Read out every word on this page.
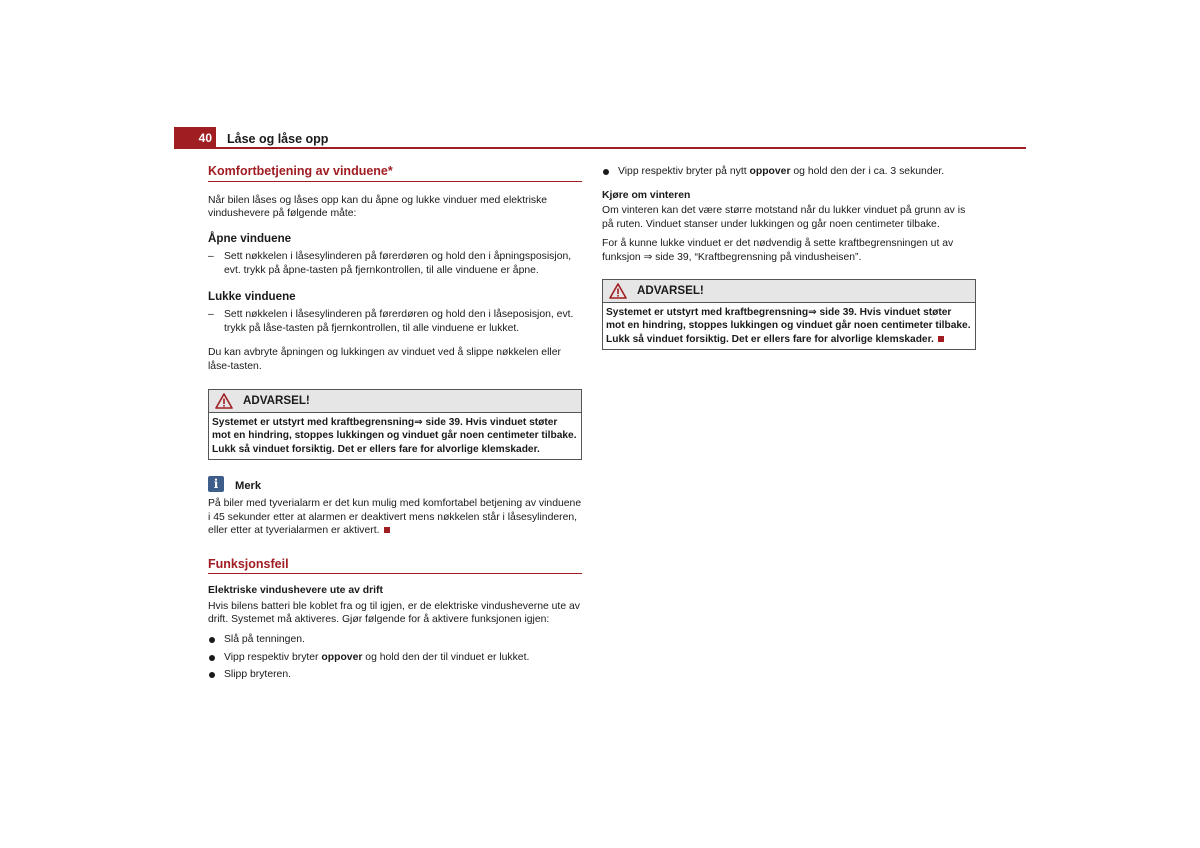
40	Låse og låse opp
Komfortbetjening av vinduene*

Når bilen låses og låses opp kan du åpne og lukke vinduer med elektriske vindushevere på følgende måte:

Åpne vinduene
– Sett nøkkelen i låsesylinderen på førerdøren og hold den i åpningsposisjon, evt. trykk på åpne-tasten på fjernkontrollen, til alle vinduene er åpne.
Lukke vinduene
– Sett nøkkelen i låsesylinderen på førerdøren og hold den i låseposisjon, evt. trykk på låse-tasten på fjernkontrollen, til alle vinduene er lukket.

Du kan avbryte åpningen og lukkingen av vinduet ved å slippe nøkkelen eller låse-tasten.

ADVARSEL!
Systemet er utstyrt med kraftbegrensning⇒ side 39. Hvis vinduet støter mot en hindring, stoppes lukkingen og vinduet går noen centimeter tilbake. Lukk så vinduet forsiktig. Det er ellers fare for alvorlige klemskader.
i	Merk

På biler med tyverialarm er det kun mulig med komfortabel betjening av vinduene i 45 sekunder etter at alarmen er deaktivert mens nøkkelen står i låsesylinderen, eller etter at tyverialarmen er aktivert.

Funksjonsfeil
Elektriske vindushevere ute av drift

Hvis bilens batteri ble koblet fra og til igjen, er de elektriske vindusheverne ute av drift. Systemet må aktiveres. Gjør følgende for å aktivere funksjonen igjen:

Slå på tenningen.
Vipp respektiv bryter oppover og hold den der til vinduet er lukket.
Slipp bryteren.
Vipp respektiv bryter på nytt oppover og hold den der i ca. 3 sekunder.
Kjøre om vinteren

Om vinteren kan det være større motstand når du lukker vinduet på grunn av is på ruten. Vinduet stanser under lukkingen og går noen centimeter tilbake.

For å kunne lukke vinduet er det nødvendig å sette kraftbegrensningen ut av funksjon ⇒ side 39, “Kraftbegrensning på vindusheisen”.

ADVARSEL!
Systemet er utstyrt med kraftbegrensning⇒ side 39. Hvis vinduet støter mot en hindring, stoppes lukkingen og vinduet går noen centimeter tilbake. Lukk så vinduet forsiktig. Det er ellers fare for alvorlige klemskader.
